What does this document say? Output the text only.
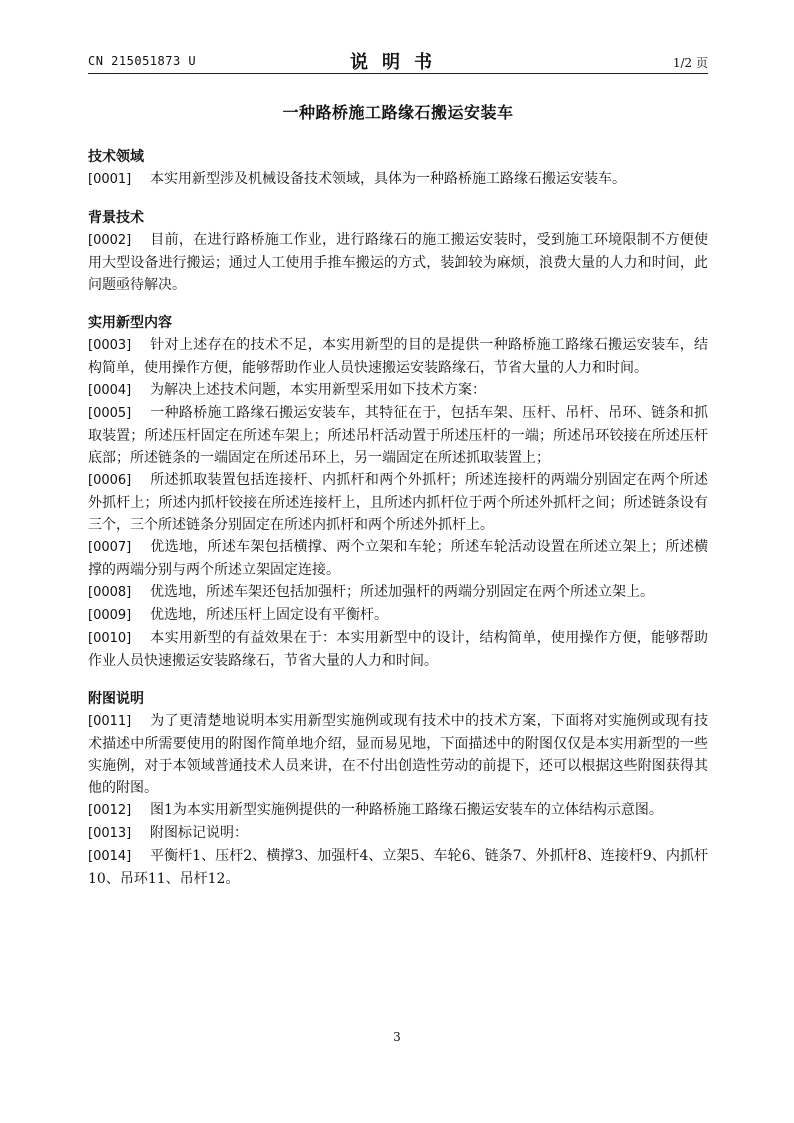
CN 215051873 U	说明书	1/2 页
一种路桥施工路缘石搬运安装车
技术领域

[0001] 本实用新型涉及机械设备技术领域，具体为一种路桥施工路缘石搬运安装车。

背景技术

[0002] 目前，在进行路桥施工作业，进行路缘石的施工搬运安装时，受到施工环境限制不方便使用大型设备进行搬运；通过人工使用手推车搬运的方式，装卸较为麻烦，浪费大量的人力和时间，此问题亟待解决。

实用新型内容

[0003] 针对上述存在的技术不足，本实用新型的目的是提供一种路桥施工路缘石搬运安装车，结构简单，使用操作方便，能够帮助作业人员快速搬运安装路缘石，节省大量的人力和时间。

[0004] 为解决上述技术问题，本实用新型采用如下技术方案：

[0005] 一种路桥施工路缘石搬运安装车，其特征在于，包括车架、压杆、吊杆、吊环、链条和抓取装置；所述压杆固定在所述车架上；所述吊杆活动置于所述压杆的一端；所述吊环铰接在所述压杆底部；所述链条的一端固定在所述吊环上，另一端固定在所述抓取装置上；

[0006] 所述抓取装置包括连接杆、内抓杆和两个外抓杆；所述连接杆的两端分别固定在两个所述外抓杆上；所述内抓杆铰接在所述连接杆上，且所述内抓杆位于两个所述外抓杆之间；所述链条设有三个，三个所述链条分别固定在所述内抓杆和两个所述外抓杆上。

[0007] 优选地，所述车架包括横撑、两个立架和车轮；所述车轮活动设置在所述立架上；所述横撑的两端分别与两个所述立架固定连接。

[0008] 优选地，所述车架还包括加强杆；所述加强杆的两端分别固定在两个所述立架上。

[0009] 优选地，所述压杆上固定设有平衡杆。

[0010] 本实用新型的有益效果在于：本实用新型中的设计，结构简单，使用操作方便，能够帮助作业人员快速搬运安装路缘石，节省大量的人力和时间。

附图说明

[0011] 为了更清楚地说明本实用新型实施例或现有技术中的技术方案，下面将对实施例或现有技术描述中所需要使用的附图作简单地介绍，显而易见地，下面描述中的附图仅仅是本实用新型的一些实施例，对于本领域普通技术人员来讲，在不付出创造性劳动的前提下，还可以根据这些附图获得其他的附图。

[0012] 图1为本实用新型实施例提供的一种路桥施工路缘石搬运安装车的立体结构示意图。

[0013] 附图标记说明：

[0014] 平衡杆1、压杆2、横撑3、加强杆4、立架5、车轮6、链条7、外抓杆8、连接杆9、内抓杆10、吊环11、吊杆12。

3
